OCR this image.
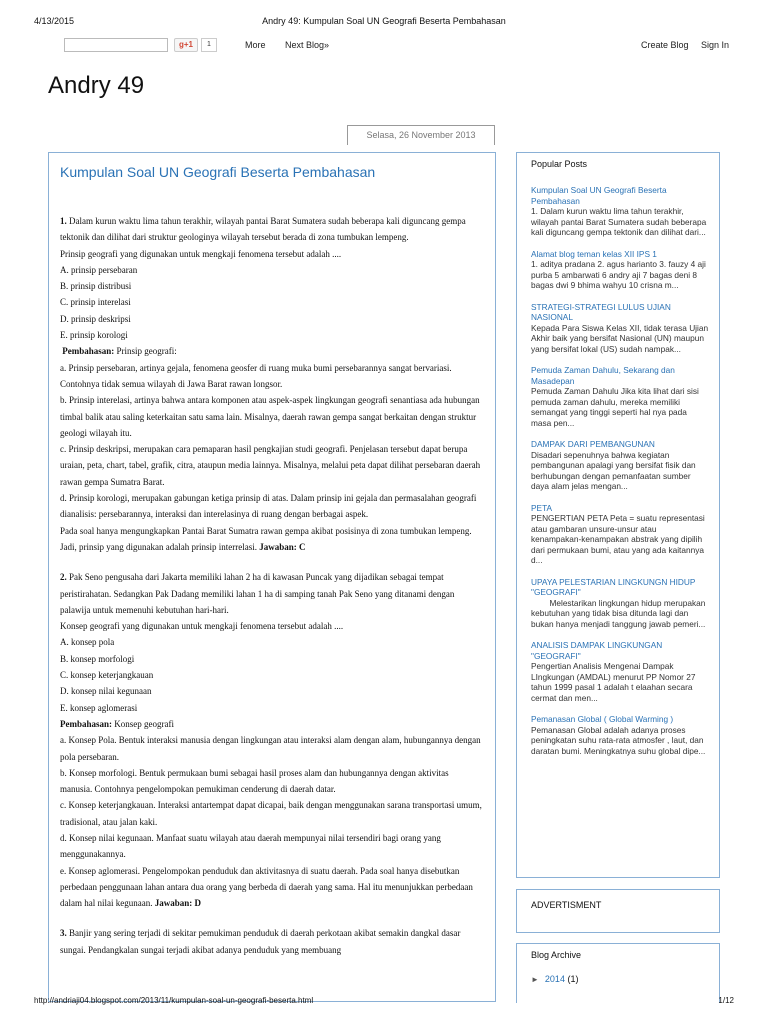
4/13/2015	Andry 49: Kumpulan Soal UN Geografi Beserta Pembahasan
g+1	1	More Next Blog»	Create Blog Sign In
Andry 49
Selasa, 26 November 2013
Kumpulan Soal UN Geografi Beserta Pembahasan

1. Dalam kurun waktu lima tahun terakhir, wilayah pantai Barat Sumatera sudah beberapa kali diguncang gempa tektonik dan dilihat dari struktur geologinya wilayah tersebut berada di zona tumbukan lempeng.

Prinsip geografi yang digunakan untuk mengkaji fenomena tersebut adalah ....

A. prinsip persebaran

B. prinsip distribusi

C. prinsip interelasi

D. prinsip deskripsi

E. prinsip korologi

Pembahasan: Prinsip geografi:

a. Prinsip persebaran, artinya gejala, fenomena geosfer di ruang muka bumi persebarannya sangat bervariasi. Contohnya tidak semua wilayah di Jawa Barat rawan longsor.

b. Prinsip interelasi, artinya bahwa antara komponen atau aspek-aspek lingkungan geografi senantiasa ada hubungan timbal balik atau saling keterkaitan satu sama lain. Misalnya, daerah rawan gempa sangat berkaitan dengan struktur geologi wilayah itu.

c. Prinsip deskripsi, merupakan cara pemaparan hasil pengkajian studi geografi. Penjelasan tersebut dapat berupa uraian, peta, chart, tabel, grafik, citra, ataupun media lainnya. Misalnya, melalui peta dapat dilihat persebaran daerah rawan gempa Sumatra Barat.

d. Prinsip korologi, merupakan gabungan ketiga prinsip di atas. Dalam prinsip ini gejala dan permasalahan geografi dianalisis: persebarannya, interaksi dan interelasinya di ruang dengan berbagai aspek.

Pada soal hanya mengungkapkan Pantai Barat Sumatra rawan gempa akibat posisinya di zona tumbukan lempeng. Jadi, prinsip yang digunakan adalah prinsip interrelasi. Jawaban: C

2. Pak Seno pengusaha dari Jakarta memiliki lahan 2 ha di kawasan Puncak yang dijadikan sebagai tempat peristirahatan. Sedangkan Pak Dadang memiliki lahan 1 ha di samping tanah Pak Seno yang ditanami dengan palawija untuk memenuhi kebutuhan hari-hari.

Konsep geografi yang digunakan untuk mengkaji fenomena tersebut adalah ....

A. konsep pola

B. konsep morfologi

C. konsep keterjangkauan

D. konsep nilai kegunaan

E. konsep aglomerasi

Pembahasan: Konsep geografi

a. Konsep Pola. Bentuk interaksi manusia dengan lingkungan atau interaksi alam dengan alam, hubungannya dengan pola persebaran.

b. Konsep morfologi. Bentuk permukaan bumi sebagai hasil proses alam dan hubungannya dengan aktivitas manusia. Contohnya pengelompokan pemukiman cenderung di daerah datar.

c. Konsep keterjangkauan. Interaksi antartempat dapat dicapai, baik dengan menggunakan sarana transportasi umum, tradisional, atau jalan kaki.

d. Konsep nilai kegunaan. Manfaat suatu wilayah atau daerah mempunyai nilai tersendiri bagi orang yang menggunakannya.

e. Konsep aglomerasi. Pengelompokan penduduk dan aktivitasnya di suatu daerah. Pada soal hanya disebutkan perbedaan penggunaan lahan antara dua orang yang berbeda di daerah yang sama. Hal itu menunjukkan perbedaan dalam hal nilai kegunaan. Jawaban: D

3. Banjir yang sering terjadi di sekitar pemukiman penduduk di daerah perkotaan akibat semakin dangkal dasar sungai. Pendangkalan sungai terjadi akibat adanya penduduk yang membuang

Popular Posts
Kumpulan Soal UN Geografi Beserta Pembahasan
1. Dalam kurun waktu lima tahun terakhir, wilayah pantai Barat Sumatera sudah beberapa kali diguncang gempa tektonik dan dilihat dari...
Alamat blog teman kelas XII IPS 1
1. aditya pradana 2. agus harianto 3. fauzy 4 aji purba 5 ambarwati 6 andry aji 7 bagas deni 8 bagas dwi 9 bhima wahyu 10 crisna m...
STRATEGI-STRATEGI LULUS UJIAN NASIONAL
Kepada Para Siswa Kelas XII, tidak terasa Ujian Akhir baik yang bersifat Nasional (UN) maupun yang bersifat lokal (US) sudah nampak...
Pemuda Zaman Dahulu, Sekarang dan Masadepan
Pemuda Zaman Dahulu Jika kita lihat dari sisi pemuda zaman dahulu, mereka memiliki semangat yang tinggi seperti hal nya pada masa pen...
DAMPAK DARI PEMBANGUNAN
Disadari sepenuhnya bahwa kegiatan pembangunan apalagi yang bersifat fisik dan berhubungan dengan pemanfaatan sumber daya alam jelas mengan...
PETA
PENGERTIAN PETA Peta = suatu representasi atau gambaran unsure-unsur atau kenampakan-kenampakan abstrak yang dipilih dari permukaan bumi, atau yang ada kaitannya d...
UPAYA PELESTARIAN LINGKUNGN HIDUP "GEOGRAFI"
Melestarikan lingkungan hidup merupakan kebutuhan yang tidak bisa ditunda lagi dan bukan hanya menjadi tanggung jawab pemeri...
ANALISIS DAMPAK LINGKUNGAN "GEOGRAFI"
Pengertian Analisis Mengenai Dampak LIngkungan (AMDAL) menurut PP Nomor 27 tahun 1999 pasal 1 adalah t elaahan secara cermat dan men...
Pemanasan Global ( Global Warming )
Pemanasan Global adalah adanya proses peningkatan suhu rata-rata atmosfer , laut, dan daratan bumi. Meningkatnya suhu global dipe...
ADVERTISMENT
Blog Archive
► 2014 (1)
http://andriaji04.blogspot.com/2013/11/kumpulan-soal-un-geografi-beserta.html	1/12
